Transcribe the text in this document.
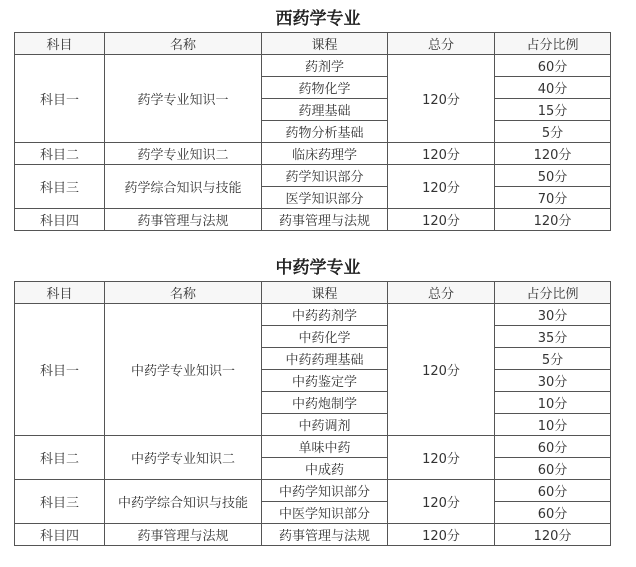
西药学专业
科目	名称	课程	总分	占分比例
科目一	药学专业知识一	药剂学	120分	60分
		药物化学		40分
		药理基础		15分
		药物分析基础		5分
科目二	药学专业知识二	临床药理学	120分	120分
科目三	药学综合知识与技能	药学知识部分	120分	50分
		医学知识部分		70分
科目四	药事管理与法规	药事管理与法规	120分	120分
中药学专业
科目	名称	课程	总分	占分比例
科目一	中药学专业知识一	中药药剂学	120分	30分
		中药化学		35分
		中药药理基础		5分
		中药鉴定学		30分
		中药炮制学		10分
		中药调剂		10分
科目二	中药学专业知识二	单味中药	120分	60分
		中成药		60分
科目三	中药学综合知识与技能	中药学知识部分	120分	60分
		中医学知识部分		60分
科目四	药事管理与法规	药事管理与法规	120分	120分
